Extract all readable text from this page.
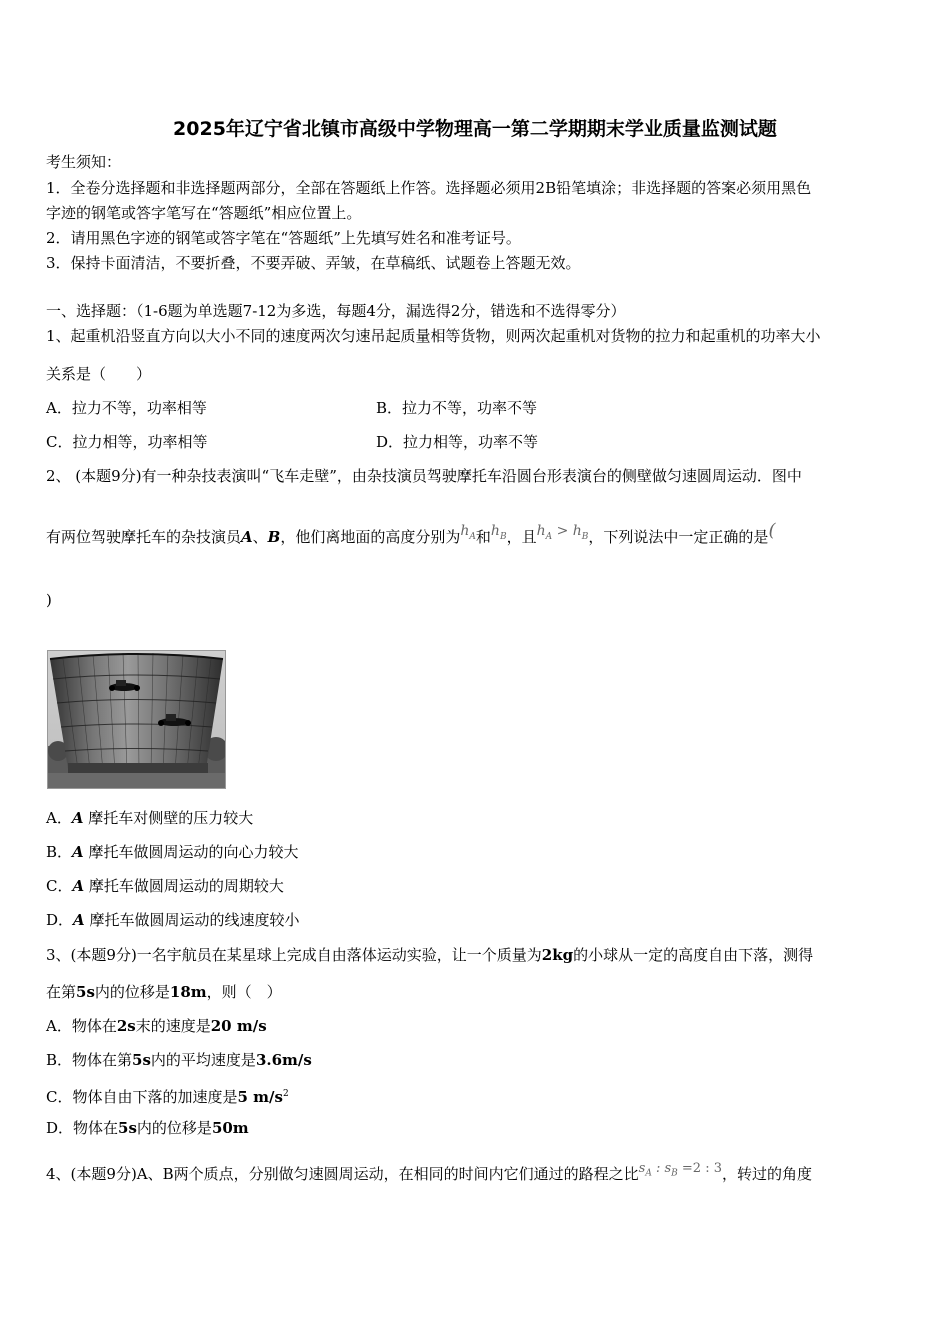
2025年辽宁省北镇市高级中学物理高一第二学期期末学业质量监测试题
考生须知：
1．全卷分选择题和非选择题两部分，全部在答题纸上作答。选择题必须用2B铅笔填涂；非选择题的答案必须用黑色
字迹的钢笔或答字笔写在“答题纸”相应位置上。
2．请用黑色字迹的钢笔或答字笔在“答题纸”上先填写姓名和准考证号。
3．保持卡面清洁，不要折叠，不要弄破、弄皱，在草稿纸、试题卷上答题无效。
一、选择题：（1-6题为单选题7-12为多选，每题4分，漏选得2分，错选和不选得零分）
1、起重机沿竖直方向以大小不同的速度两次匀速吊起质量相等货物，则两次起重机对货物的拉力和起重机的功率大小
关系是（　　）
A．拉力不等，功率相等	B．拉力不等，功率不等
C．拉力相等，功率相等	D．拉力相等，功率不等
2、 (本题9分)有一种杂技表演叫“飞车走壁”，由杂技演员驾驶摩托车沿圆台形表演台的侧壁做匀速圆周运动．图中
有两位驾驶摩托车的杂技演员A、B，他们离地面的高度分别为$h_A$和$h_B$，且$h_A > h_B$，下列说法中一定正确的是(
)
A．A 摩托车对侧壁的压力较大
B．A 摩托车做圆周运动的向心力较大
C．A 摩托车做圆周运动的周期较大
D．A 摩托车做圆周运动的线速度较小
3、(本题9分)一名宇航员在某星球上完成自由落体运动实验，让一个质量为2kg的小球从一定的高度自由下落，测得
在第5s内的位移是18m，则（　）
A．物体在2s末的速度是20 m/s
B．物体在第5s内的平均速度是3.6m/s
C．物体自由下落的加速度是5 $m/s^2$
D．物体在5s内的位移是50m
4、(本题9分)A、B两个质点，分别做匀速圆周运动，在相同的时间内它们通过的路程之比$s_A$ : $s_B =2$ : 3，转过的角度
